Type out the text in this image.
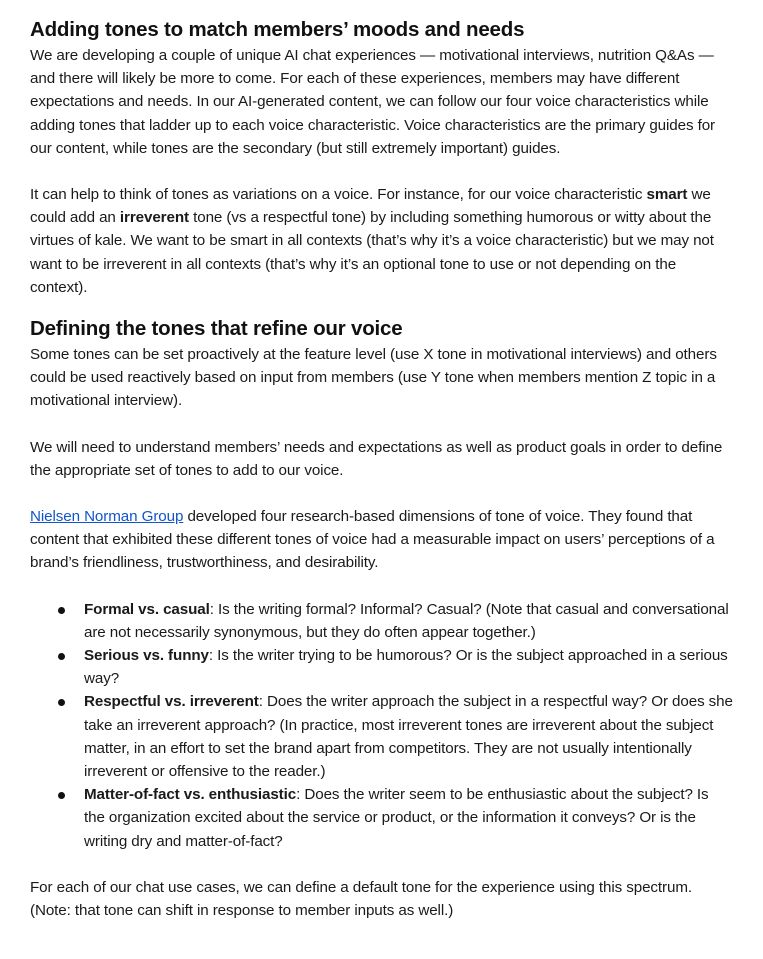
Adding tones to match members’ moods and needs

We are developing a couple of unique AI chat experiences — motivational interviews, nutrition Q&As — and there will likely be more to come. For each of these experiences, members may have different expectations and needs. In our AI-generated content, we can follow our four voice characteristics while adding tones that ladder up to each voice characteristic. Voice characteristics are the primary guides for our content, while tones are the secondary (but still extremely important) guides.

It can help to think of tones as variations on a voice. For instance, for our voice characteristic smart we could add an irreverent tone (vs a respectful tone) by including something humorous or witty about the virtues of kale. We want to be smart in all contexts (that’s why it’s a voice characteristic) but we may not want to be irreverent in all contexts (that’s why it’s an optional tone to use or not depending on the context).

Defining the tones that refine our voice

Some tones can be set proactively at the feature level (use X tone in motivational interviews) and others could be used reactively based on input from members (use Y tone when members mention Z topic in a motivational interview).

We will need to understand members’ needs and expectations as well as product goals in order to define the appropriate set of tones to add to our voice.

Nielsen Norman Group developed four research-based dimensions of tone of voice. They found that content that exhibited these different tones of voice had a measurable impact on users’ perceptions of a brand’s friendliness, trustworthiness, and desirability.

Formal vs. casual: Is the writing formal? Informal? Casual? (Note that casual and conversational are not necessarily synonymous, but they do often appear together.)
Serious vs. funny: Is the writer trying to be humorous? Or is the subject approached in a serious way?
Respectful vs. irreverent: Does the writer approach the subject in a respectful way? Or does she take an irreverent approach? (In practice, most irreverent tones are irreverent about the subject matter, in an effort to set the brand apart from competitors. They are not usually intentionally irreverent or offensive to the reader.)
Matter-of-fact vs. enthusiastic: Does the writer seem to be enthusiastic about the subject? Is the organization excited about the service or product, or the information it conveys? Or is the writing dry and matter-of-fact?

For each of our chat use cases, we can define a default tone for the experience using this spectrum. (Note: that tone can shift in response to member inputs as well.)
